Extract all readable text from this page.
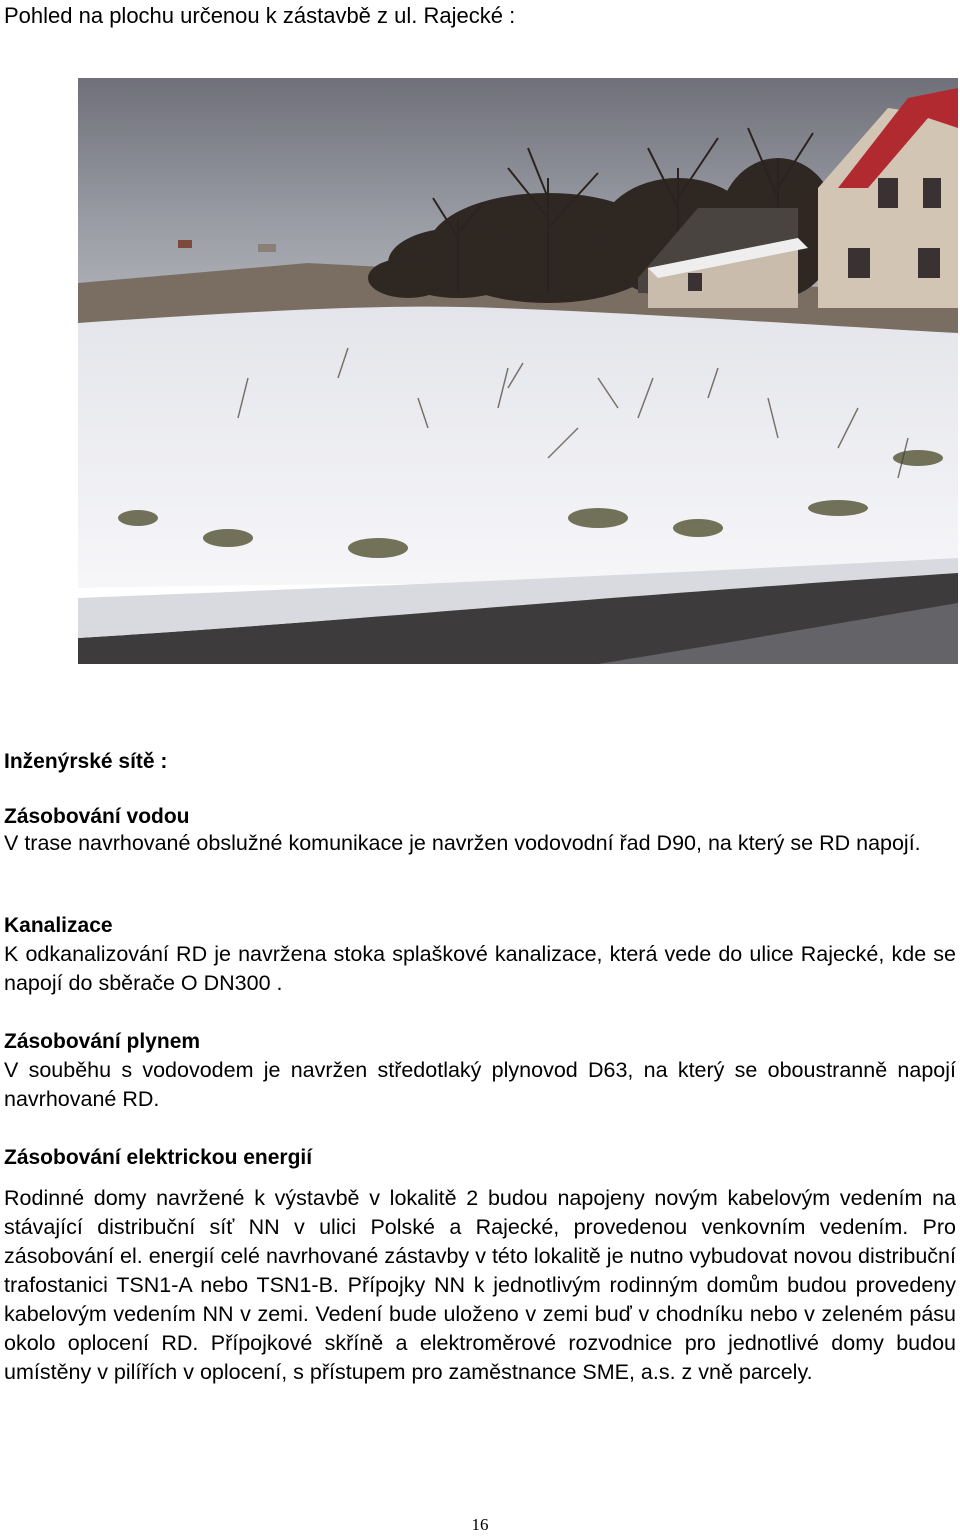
Pohled na plochu určenou k zástavbě z ul. Rajecké :
Inženýrské sítě :
Zásobování vodou
V trase navrhované obslužné komunikace je navržen vodovodní řad D90, na který se RD napojí.
Kanalizace
K odkanalizování RD je navržena stoka splaškové kanalizace, která vede do ulice Rajecké, kde se napojí do sběrače O DN300 .
Zásobování plynem
V souběhu s vodovodem je navržen středotlaký plynovod D63, na který se oboustranně napojí navrhované RD.
Zásobování elektrickou energií
Rodinné domy navržené k výstavbě v lokalitě 2 budou napojeny novým kabelovým vedením na stávající distribuční síť NN v ulici Polské a Rajecké, provedenou venkovním vedením. Pro zásobování el. energií celé navrhované zástavby v této lokalitě je nutno vybudovat novou distribuční trafostanici TSN1-A nebo TSN1-B. Přípojky NN k jednotlivým rodinným domům budou provedeny kabelovým vedením NN v zemi. Vedení bude uloženo v zemi buď v chodníku nebo v zeleném pásu okolo oplocení RD. Přípojkové skříně a elektroměrové rozvodnice pro jednotlivé domy budou umístěny v pilířích v oplocení, s přístupem pro zaměstnance SME, a.s. z vně parcely.
16
